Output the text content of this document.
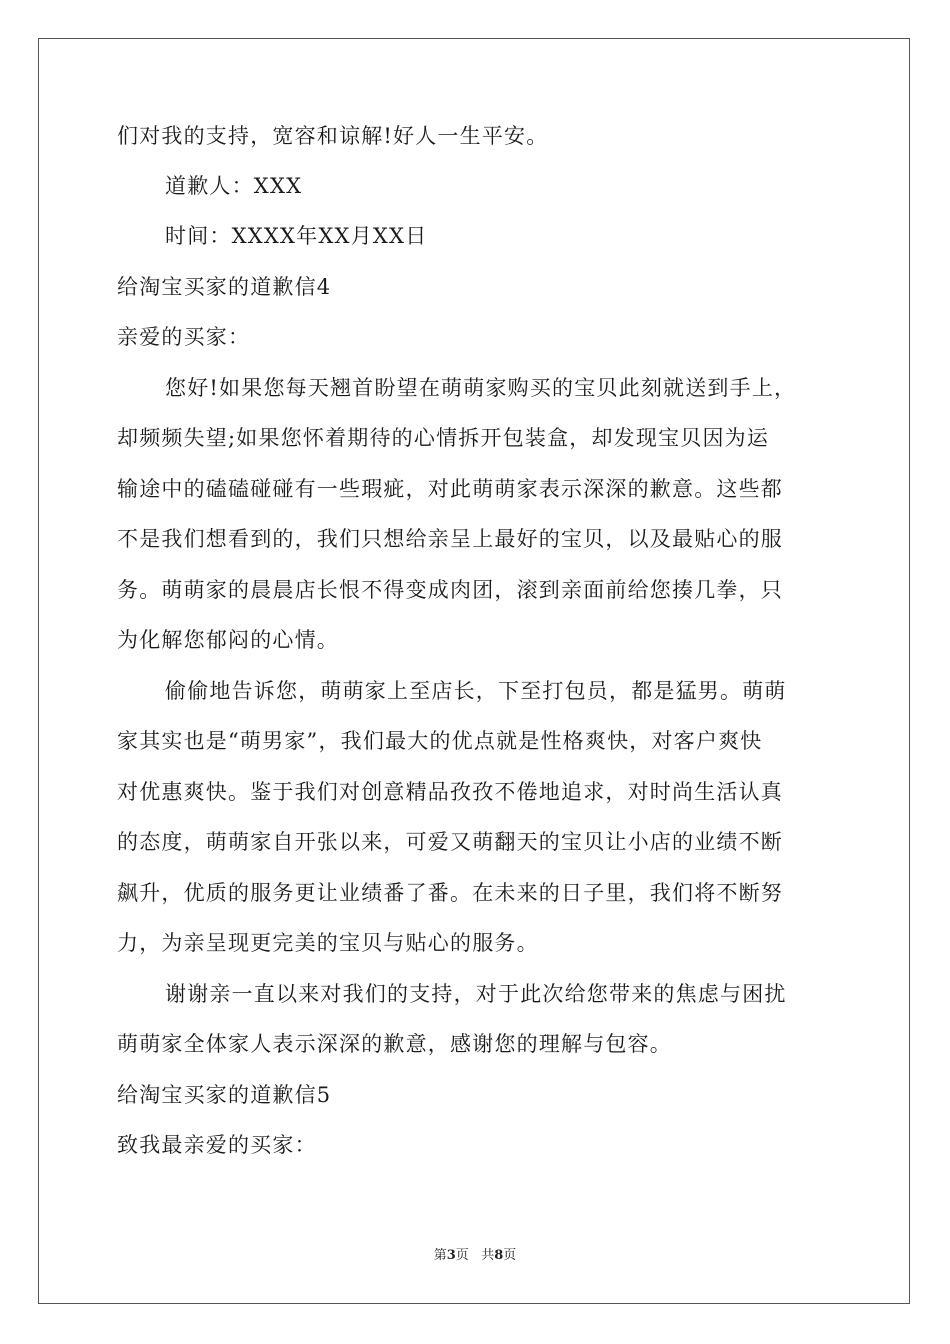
们对我的支持，宽容和谅解!好人一生平安。
道歉人：XXX
时间：XXXX年XX月XX日
给淘宝买家的道歉信4
亲爱的买家：
您好!如果您每天翘首盼望在萌萌家购买的宝贝此刻就送到手上，
却频频失望;如果您怀着期待的心情拆开包装盒，却发现宝贝因为运
输途中的磕磕碰碰有一些瑕疵，对此萌萌家表示深深的歉意。这些都
不是我们想看到的，我们只想给亲呈上最好的宝贝，以及最贴心的服
务。萌萌家的晨晨店长恨不得变成肉团，滚到亲面前给您揍几拳，只
为化解您郁闷的心情。
偷偷地告诉您，萌萌家上至店长，下至打包员，都是猛男。萌萌
家其实也是“萌男家”，我们最大的优点就是性格爽快，对客户爽快
对优惠爽快。鉴于我们对创意精品孜孜不倦地追求，对时尚生活认真
的态度，萌萌家自开张以来，可爱又萌翻天的宝贝让小店的业绩不断
飙升，优质的服务更让业绩番了番。在未来的日子里，我们将不断努
力，为亲呈现更完美的宝贝与贴心的服务。
谢谢亲一直以来对我们的支持，对于此次给您带来的焦虑与困扰
萌萌家全体家人表示深深的歉意，感谢您的理解与包容。
给淘宝买家的道歉信5
致我最亲爱的买家：
第3页   共8页
